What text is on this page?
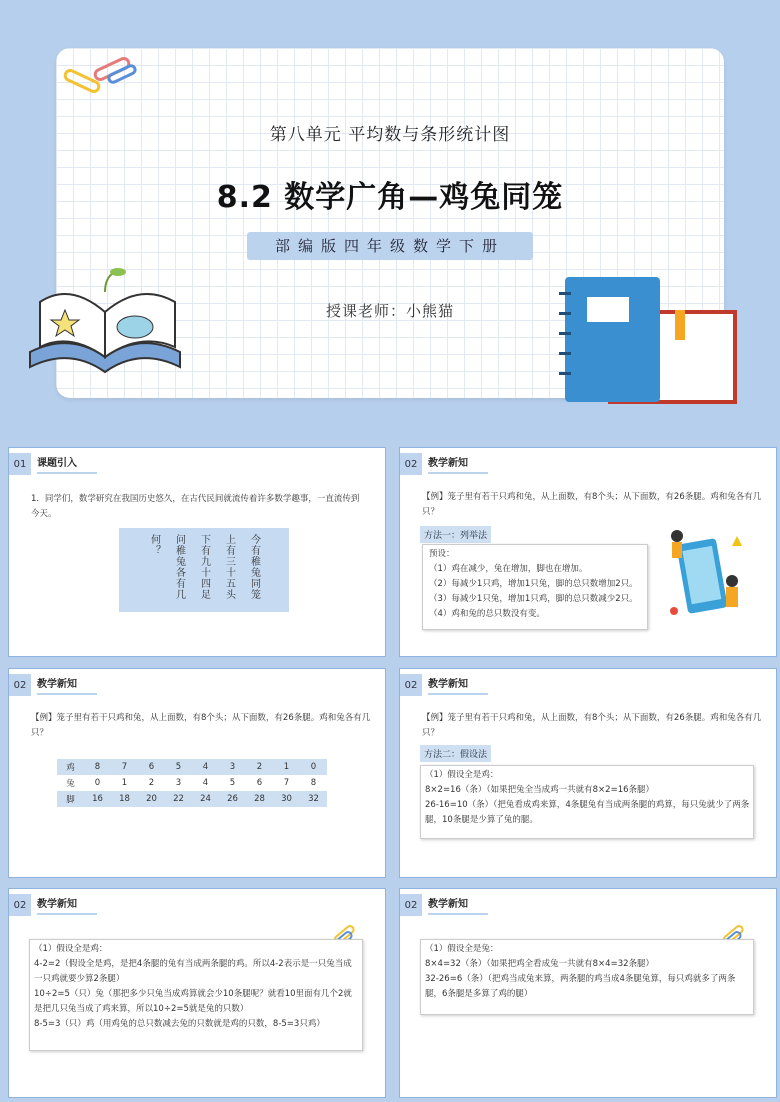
第八单元 平均数与条形统计图
8.2 数学广角—鸡兔同笼
部编版四年级数学下册
授课老师：小熊猫
01	课题引入
1．同学们，数学研究在我国历史悠久，在古代民间就流传着许多数学趣事，一直流传到今天。
今有稚兔同笼
上有三十五头
下有九十四足
问稚兔各有几
何？
02	教学新知
【例】笼子里有若干只鸡和兔，从上面数，有8个头；从下面数，有26条腿。鸡和兔各有几只？
方法一：列举法
预设：
（1）鸡在减少，兔在增加，脚也在增加。
（2）每减少1只鸡，增加1只兔，脚的总只数增加2只。
（3）每减少1只兔，增加1只鸡，脚的总只数减少2只。
（4）鸡和兔的总只数没有变。
02	教学新知
【例】笼子里有若干只鸡和兔，从上面数，有8个头；从下面数，有26条腿。鸡和兔各有几只？
鸡	8	7	6	5	4	3	2	1	0
兔	0	1	2	3	4	5	6	7	8
脚	16	18	20	22	24	26	28	30	32
02	教学新知
【例】笼子里有若干只鸡和兔，从上面数，有8个头；从下面数，有26条腿。鸡和兔各有几只？
方法二：假设法
（1）假设全是鸡：
8×2=16（条）（如果把兔全当成鸡一共就有8×2=16条腿）
26-16=10（条）（把兔看成鸡来算，4条腿兔有当成两条腿的鸡算，每只兔就少了两条腿，10条腿是少算了兔的腿。
02	教学新知
（1）假设全是鸡：
4-2=2（假设全是鸡，是把4条腿的兔有当成两条腿的鸡。所以4-2表示是一只兔当成一只鸡就要少算2条腿）
10÷2=5（只）兔（那把多少只兔当成鸡算就会少10条腿呢？就看10里面有几个2就是把几只兔当成了鸡来算，所以10÷2=5就是兔的只数）
8-5=3（只）鸡（用鸡兔的总只数减去兔的只数就是鸡的只数，8-5=3只鸡）
02	教学新知
（1）假设全是兔：
8×4=32（条）（如果把鸡全看成兔一共就有8×4=32条腿）
32-26=6（条）（把鸡当成兔来算，两条腿的鸡当成4条腿兔算，每只鸡就多了两条腿，6条腿是多算了鸡的腿）
